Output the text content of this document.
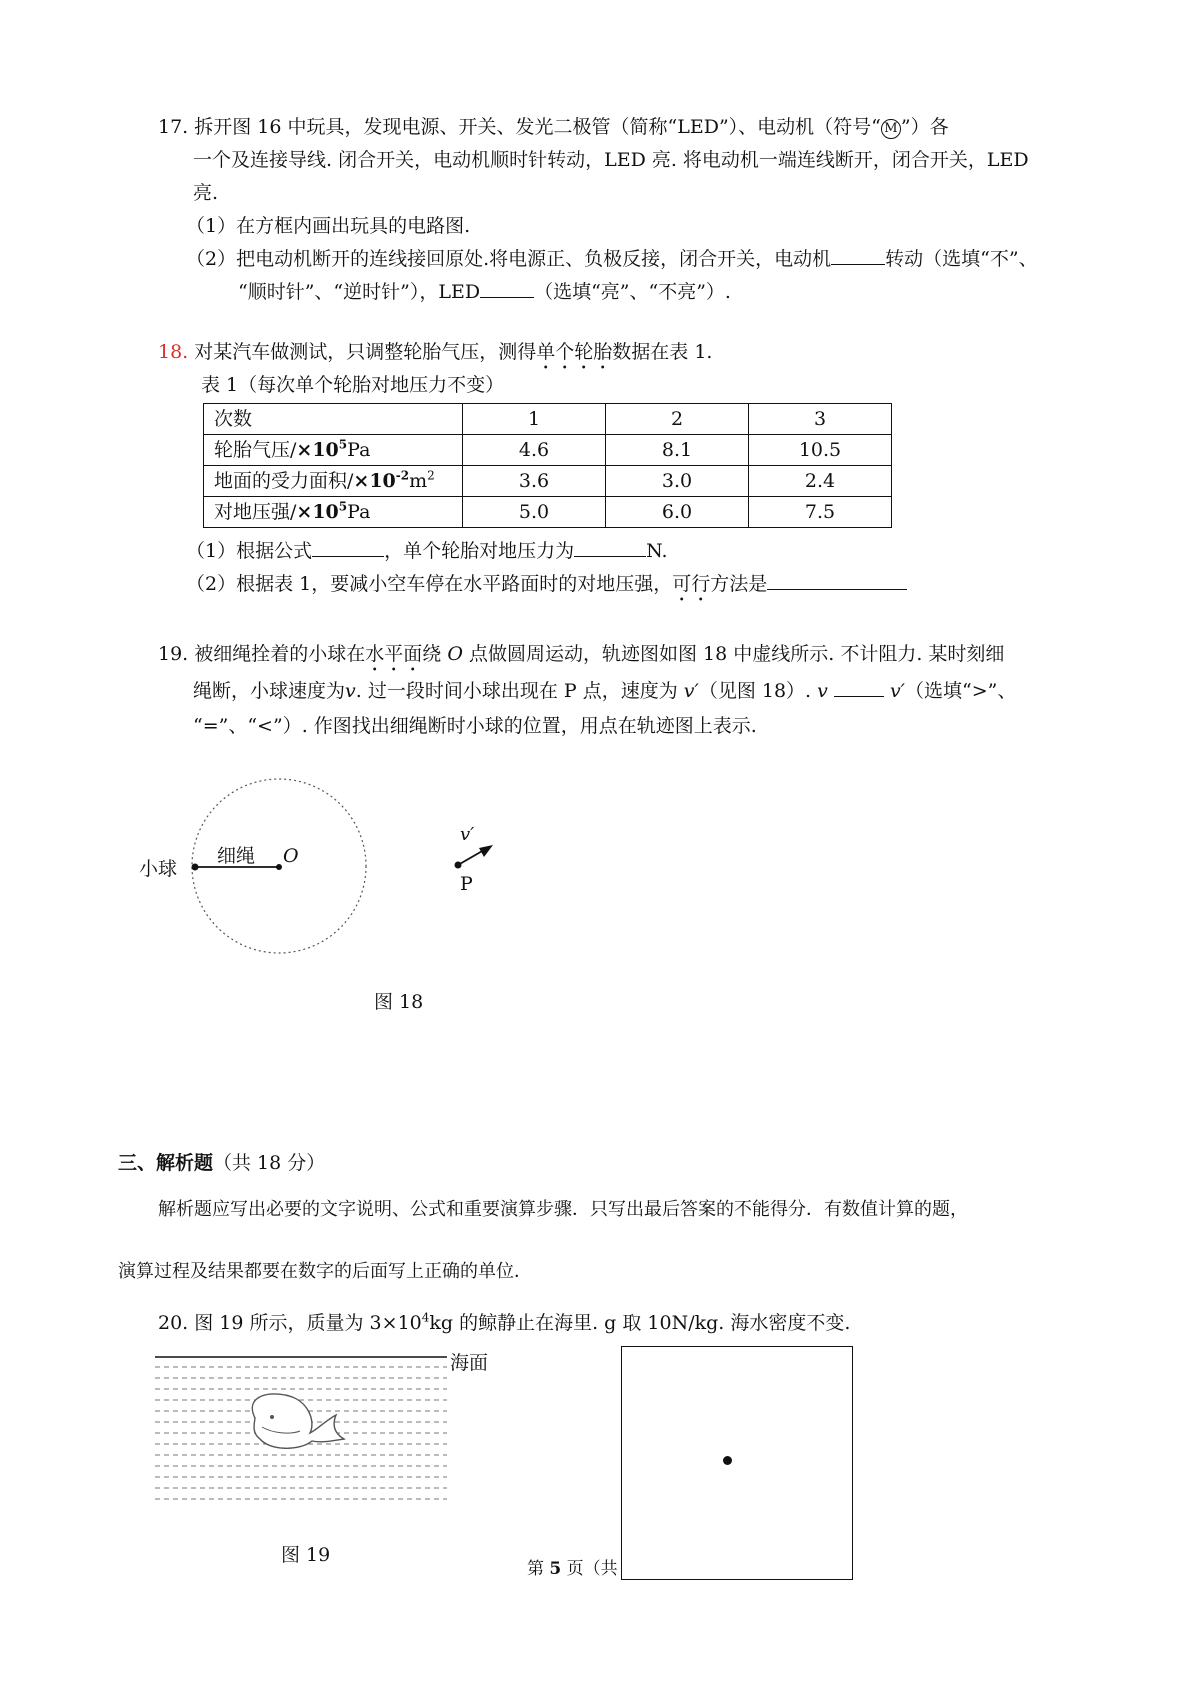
17. 拆开图 16 中玩具，发现电源、开关、发光二极管（简称“LED”）、电动机（符号“ M ”）各
一个及连接导线. 闭合开关，电动机顺时针转动，LED 亮. 将电动机一端连线断开，闭合开关，LED
亮.
（1）在方框内画出玩具的电路图.
（2）把电动机断开的连线接回原处.将电源正、负极反接，闭合开关，电动机	转动（选填“不”、
“顺时针”、“逆时针”），LED	（选填“亮”、“不亮”）.
18. 对某汽车做测试，只调整轮胎气压，测得单个轮胎数据在表 1.
表 1（每次单个轮胎对地压力不变）
次数	1	2	3
轮胎气压$/\times 10^5Pa$	4.6	8.1	10.5
地面的受力面积$/\times 10^{-2}m^2$	3.6	3.0	2.4
对地压强$/\times 10^5Pa$	5.0	6.0	7.5
（1）根据公式	，单个轮胎对地压力为	N.
（2）根据表 1，要减小空车停在水平路面时的对地压强，可行方法是
19. 被细绳拴着的小球在水平面绕 O 点做圆周运动，轨迹图如图 18 中虚线所示. 不计阻力. 某时刻细
绳断，小球速度为v. 过一段时间小球出现在 P 点，速度为 v′（见图 18）. v	v′（选填“>”、
“=”、“<”）. 作图找出细绳断时小球的位置，用点在轨迹图上表示.
小球
细绳 O
v′
P
图 18
三、解析题（共 18 分）
解析题应写出必要的文字说明、公式和重要演算步骤．只写出最后答案的不能得分．有数值计算的题，
演算过程及结果都要在数字的后面写上正确的单位．
20. 图 19 所示，质量为 $3\times 10^4kg$ 的鲸静止在海里. g 取 10N/kg. 海水密度不变.
海面
图 19
第 5 页（共
